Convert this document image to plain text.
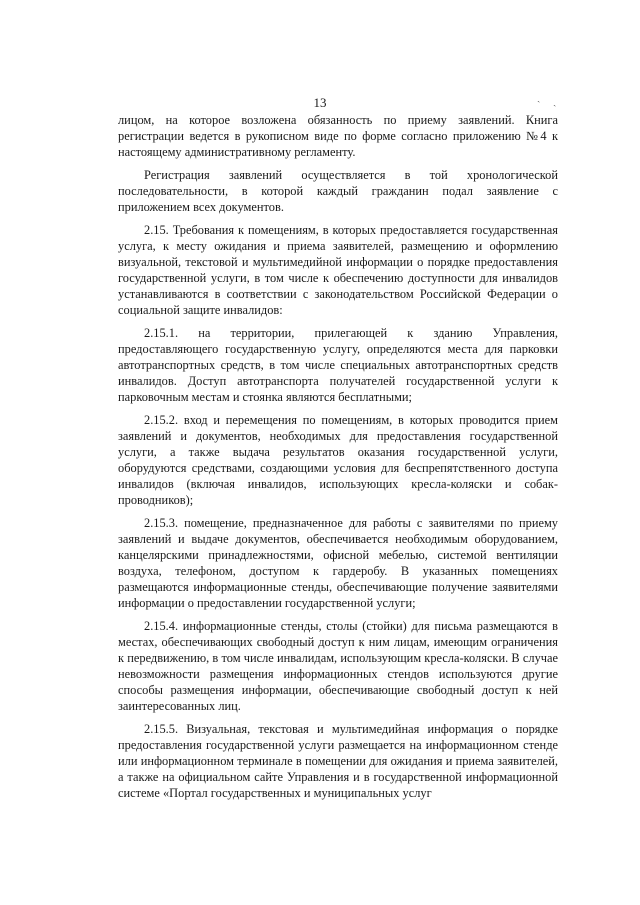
13	ˏ ˎ

лицом, на которое возложена обязанность по приему заявлений. Книга регистрации ведется в рукописном виде по форме согласно приложению №4 к настоящему административному регламенту.

Регистрация заявлений осуществляется в той хронологической последовательности, в которой каждый гражданин подал заявление с приложением всех документов.

2.15. Требования к помещениям, в которых предоставляется государственная услуга, к месту ожидания и приема заявителей, размещению и оформлению визуальной, текстовой и мультимедийной информации о порядке предоставления государственной услуги, в том числе к обеспечению доступности для инвалидов устанавливаются в соответствии с законодательством Российской Федерации о социальной защите инвалидов:

2.15.1. на территории, прилегающей к зданию Управления, предоставляющего государственную услугу, определяются места для парковки автотранспортных средств, в том числе специальных автотранспортных средств инвалидов. Доступ автотранспорта получателей государственной услуги к парковочным местам и стоянка являются бесплатными;

2.15.2. вход и перемещения по помещениям, в которых проводится прием заявлений и документов, необходимых для предоставления государственной услуги, а также выдача результатов оказания государственной услуги, оборудуются средствами, создающими условия для беспрепятственного доступа инвалидов (включая инвалидов, использующих кресла-коляски и собак-проводников);

2.15.3. помещение, предназначенное для работы с заявителями по приему заявлений и выдаче документов, обеспечивается необходимым оборудованием, канцелярскими принадлежностями, офисной мебелью, системой вентиляции воздуха, телефоном, доступом к гардеробу. В указанных помещениях размещаются информационные стенды, обеспечивающие получение заявителями информации о предоставлении государственной услуги;

2.15.4. информационные стенды, столы (стойки) для письма размещаются в местах, обеспечивающих свободный доступ к ним лицам, имеющим ограничения к передвижению, в том числе инвалидам, использующим кресла-коляски. В случае невозможности размещения информационных стендов используются другие способы размещения информации, обеспечивающие свободный доступ к ней заинтересованных лиц.

2.15.5. Визуальная, текстовая и мультимедийная информация о порядке предоставления государственной услуги размещается на информационном стенде или информационном терминале в помещении для ожидания и приема заявителей, а также на официальном сайте Управления и в государственной информационной системе «Портал государственных и муниципальных услуг
